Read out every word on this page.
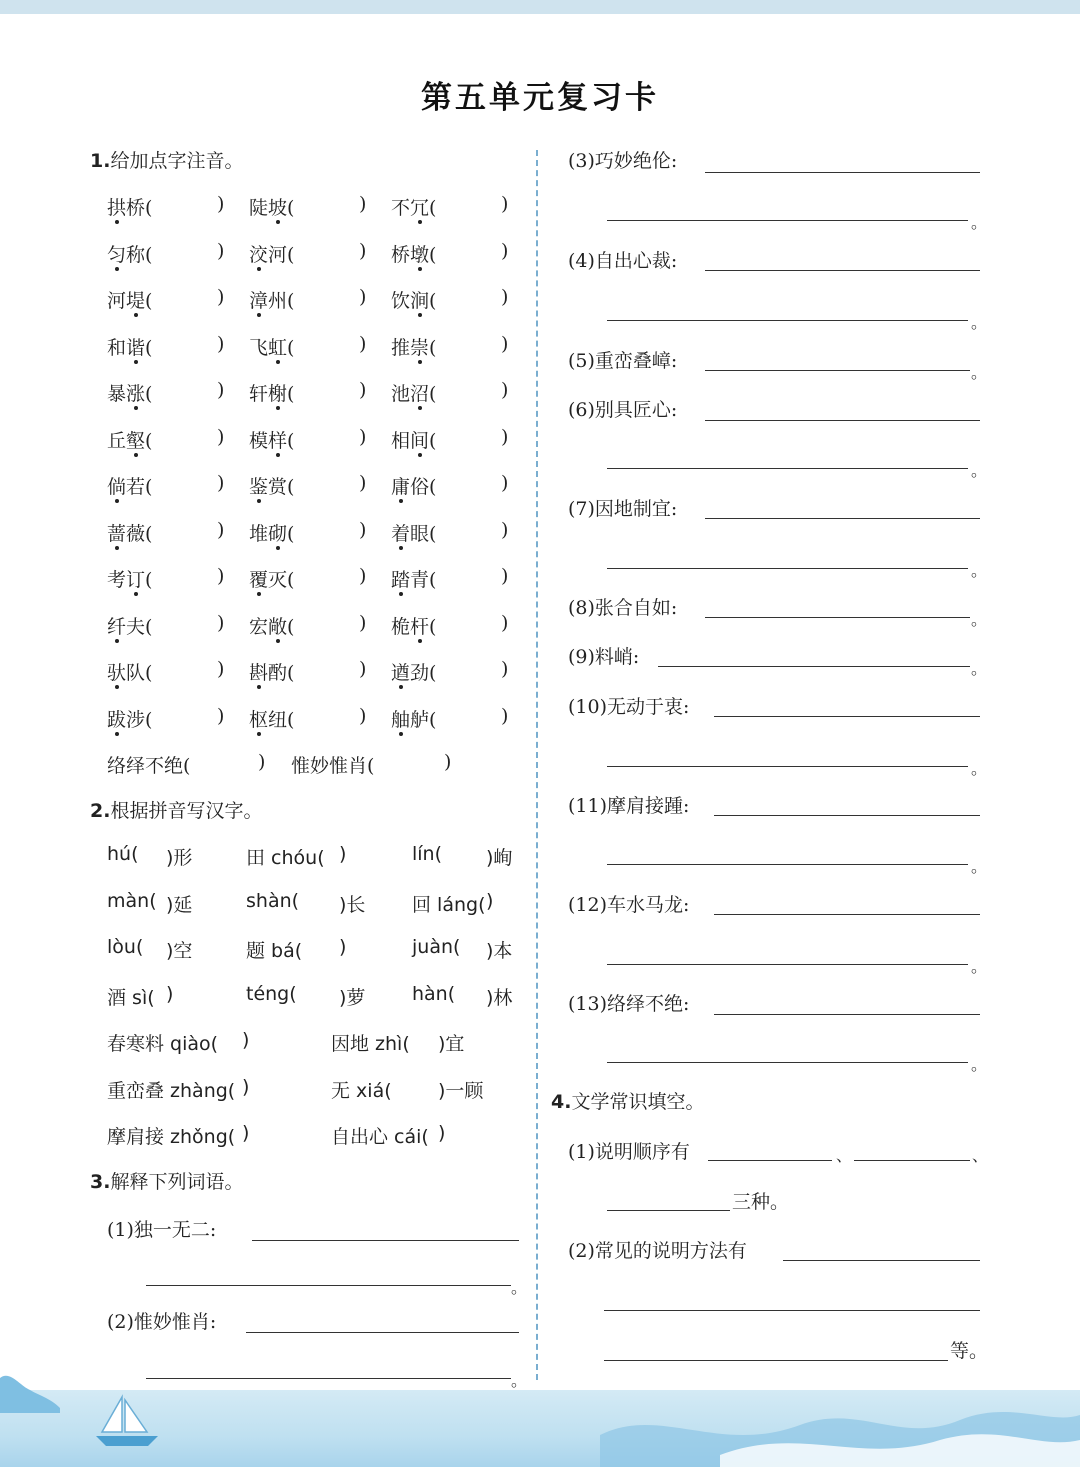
第五单元复习卡
1.给加点字注音。
拱桥(	) 陡坡(	) 不冗(	)
匀称(	) 洨河(	) 桥墩(	)
河堤(	) 漳州(	) 饮涧(	)
和谐(	) 飞虹(	) 推崇(	)
暴涨(	) 轩榭(	) 池沼(	)
丘壑(	) 模样(	) 相间(	)
倘若(	) 鉴赏(	) 庸俗(	)
蔷薇(	) 堆砌(	) 着眼(	)
考订(	) 覆灭(	) 踏青(	)
纤夫(	) 宏敞(	) 桅杆(	)
驮队(	) 斟酌(	) 遒劲(	)
跋涉(	) 枢纽(	) 舳舻(	)
络绎不绝(	) 惟妙惟肖(	)
2.根据拼音写汉字。
hú( )形	田 chóu( )	lín( )峋
màn( )延	shàn( )长 回 láng( )
lòu( )空	题 bá( )	juàn( )本
酒 sì( )	téng( )萝 hàn( )林
春寒料 qiào( )	因地 zhì( )宜
重峦叠 zhàng( )	无 xiá( )一顾
摩肩接 zhǒng( )	自出心 cái( )
3.解释下列词语。
(1)独一无二:
。
(2)惟妙惟肖:
。
(3)巧妙绝伦:
。
(4)自出心裁:
。
(5)重峦叠嶂:
。
(6)别具匠心:
。
(7)因地制宜:
。
(8)张合自如:
。
(9)料峭:
。
(10)无动于衷:
。
(11)摩肩接踵:
。
(12)车水马龙:
。
(13)络绎不绝:
。
4.文学常识填空。
(1)说明顺序有	、	、
三种。
(2)常见的说明方法有
等。
